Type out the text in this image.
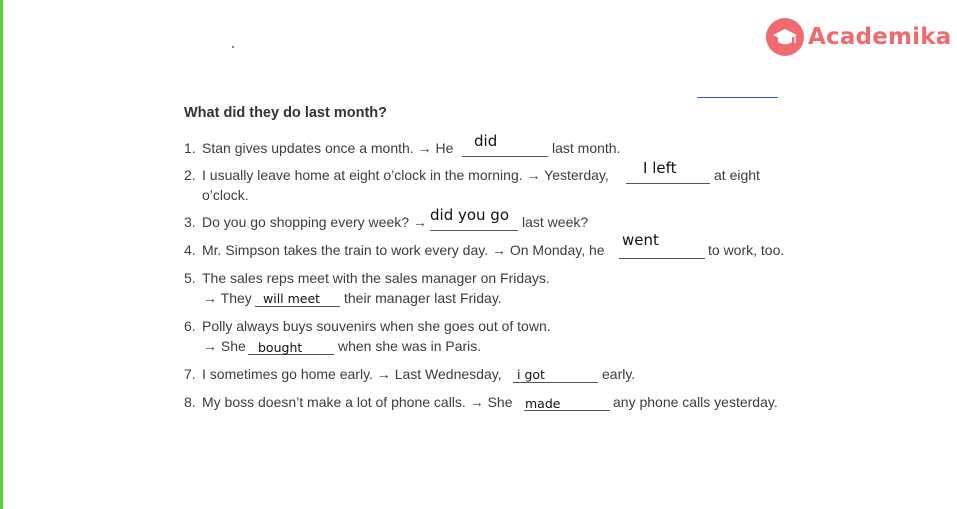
Academika
What did they do last month?
1. Stan gives updates once a month. → He did	last month.
2. I usually leave home at eight o’clock in the morning. → Yesterday, I left	at eight
o’clock.
3. Do you go shopping every week? → did you go last week?
4. Mr. Simpson takes the train to work every day. → On Monday, he
went
to work, too.
5. The sales reps meet with the sales manager on Fridays.
→ They will meet their manager last Friday.
6. Polly always buys souvenirs when she goes out of town.
→ She bought	when she was in Paris.
7. I sometimes go home early. → Last Wednesday, i got	early.
8. My boss doesn’t make a lot of phone calls. → She made	any phone calls yesterday.
